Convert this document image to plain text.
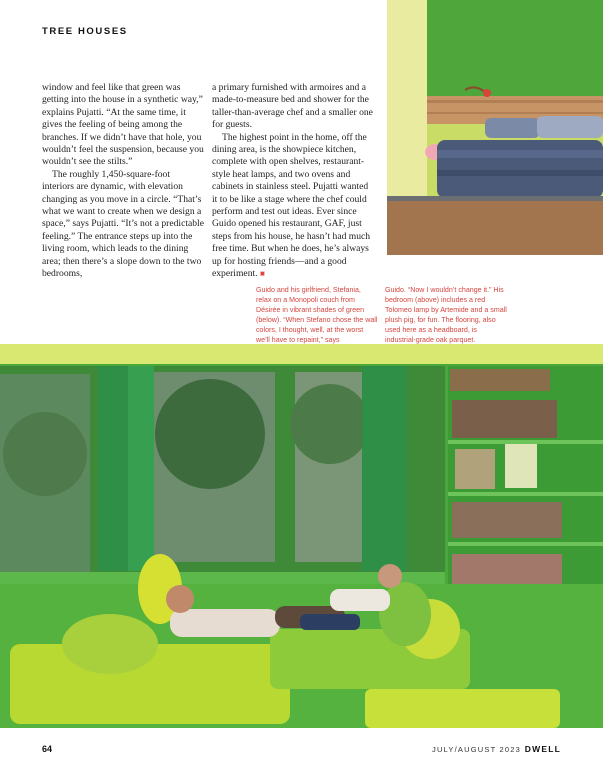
TREE HOUSES

window and feel like that green was getting into the house in a synthetic way,” explains Pujatti. “At the same time, it gives the feeling of being among the branches. If we didn’t have that hole, you wouldn’t feel the suspension, because you wouldn’t see the stilts.”

The roughly 1,450-square-foot interiors are dynamic, with elevation changing as you move in a circle. “That’s what we want to create when we design a space,” says Pujatti. “It’s not a predictable feeling.” The entrance steps up into the living room, which leads to the dining area; then there’s a slope down to the two bedrooms,

a primary furnished with armoires and a made-to-measure bed and shower for the taller-than-average chef and a smaller one for guests.

The highest point in the home, off the dining area, is the showpiece kitchen, complete with open shelves, restaurant-style heat lamps, and two ovens and cabinets in stainless steel. Pujatti wanted it to be like a stage where the chef could perform and test out ideas. Ever since Guido opened his restaurant, GAF, just steps from his house, he hasn’t had much free time. But when he does, he’s always up for hosting friends—and a good experiment. ■

Guido and his girlfriend, Stefania, relax on a Monopoli couch from Désirée in vibrant shades of green (below). “When Stefano chose the wall colors, I thought, well, at the worst we’ll have to repaint,” says
Guido. “Now I wouldn’t change it.” His bedroom (above) includes a red Tolomeo lamp by Artemide and a small plush pig, for fun. The flooring, also used here as a headboard, is industrial-grade oak parquet.
64	JULY/AUGUST 2023 DWELL
